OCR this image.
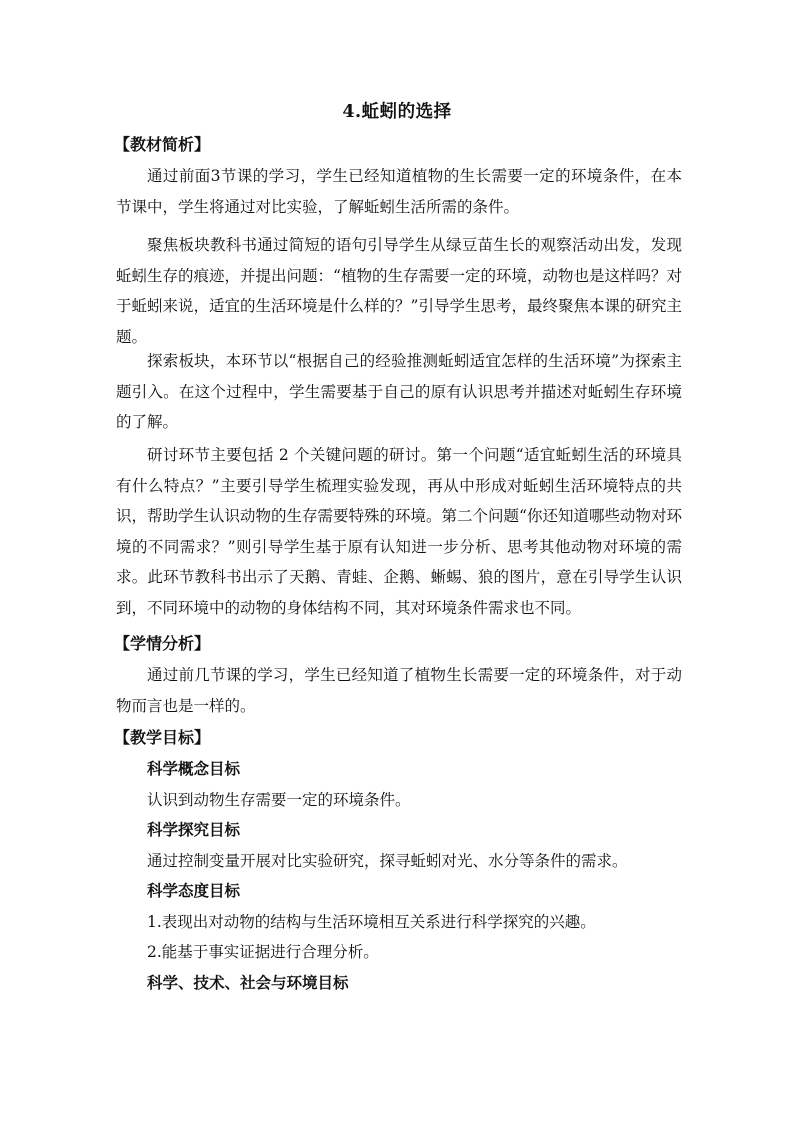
4.蚯蚓的选择
【教材简析】

通过前面3节课的学习，学生已经知道植物的生长需要一定的环境条件，在本节课中，学生将通过对比实验，了解蚯蚓生活所需的条件。

聚焦板块教科书通过简短的语句引导学生从绿豆苗生长的观察活动出发，发现蚯蚓生存的痕迹，并提出问题：“植物的生存需要一定的环境，动物也是这样吗？对于蚯蚓来说，适宜的生活环境是什么样的？”引导学生思考，最终聚焦本课的研究主题。

探索板块，本环节以“根据自己的经验推测蚯蚓适宜怎样的生活环境”为探索主题引入。在这个过程中，学生需要基于自己的原有认识思考并描述对蚯蚓生存环境的了解。

研讨环节主要包括 2 个关键问题的研讨。第一个问题“适宜蚯蚓生活的环境具有什么特点？”主要引导学生梳理实验发现，再从中形成对蚯蚓生活环境特点的共识，帮助学生认识动物的生存需要特殊的环境。第二个问题“你还知道哪些动物对环境的不同需求？”则引导学生基于原有认知进一步分析、思考其他动物对环境的需求。此环节教科书出示了天鹅、青蛙、企鹅、蜥蜴、狼的图片，意在引导学生认识到，不同环境中的动物的身体结构不同，其对环境条件需求也不同。

【学情分析】

通过前几节课的学习，学生已经知道了植物生长需要一定的环境条件，对于动物而言也是一样的。

【教学目标】
科学概念目标
认识到动物生存需要一定的环境条件。
科学探究目标
通过控制变量开展对比实验研究，探寻蚯蚓对光、水分等条件的需求。
科学态度目标
1.表现出对动物的结构与生活环境相互关系进行科学探究的兴趣。
2.能基于事实证据进行合理分析。
科学、技术、社会与环境目标
